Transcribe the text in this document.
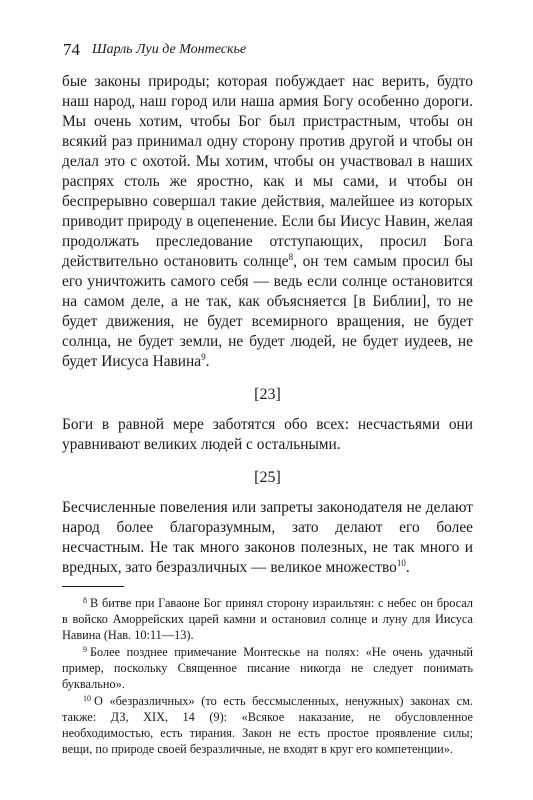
74 Шарль Луи де Монтескье

бые законы природы; которая побуждает нас верить, будто наш народ, наш город или наша армия Богу особенно дороги. Мы очень хотим, чтобы Бог был пристрастным, чтобы он всякий раз принимал одну сторону против другой и чтобы он делал это с охотой. Мы хотим, чтобы он участвовал в наших распрях столь же яростно, как и мы сами, и чтобы он беспрерывно совершал такие действия, малейшее из которых приводит природу в оцепенение. Если бы Иисус Навин, желая продолжать преследование отступающих, просил Бога действительно остановить солнце$^8$, он тем самым просил бы его уничтожить самого себя — ведь если солнце остановится на самом деле, а не так, как объясняется [в Библии], то не будет движения, не будет всемирного вращения, не будет солнца, не будет земли, не будет людей, не будет иудеев, не будет Иисуса Навина$^9$.

[23]

Боги в равной мере заботятся обо всех: несчастьями они уравнивают великих людей с остальными.

[25]

Бесчисленные повеления или запреты законодателя не делают народ более благоразумным, зато делают его более несчастным. Не так много законов полезных, не так много и вредных, зато безразличных — великое множество$^{10}$.

$^8$ В битве при Гаваоне Бог принял сторону израильтян: с небес он бросал в войско Аморрейских царей камни и остановил солнце и луну для Иисуса Навина (Нав. 10:11—13).

$^9$ Более позднее примечание Монтескье на полях: «Не очень удачный пример, поскольку Священное писание никогда не следует понимать буквально».

$^{10}$ О «безразличных» (то есть бессмысленных, ненужных) законах см. также: ДЗ, XIX, 14 (9): «Всякое наказание, не обусловленное необходимостью, есть тирания. Закон не есть простое проявление силы; вещи, по природе своей безразличные, не входят в круг его компетенции».
